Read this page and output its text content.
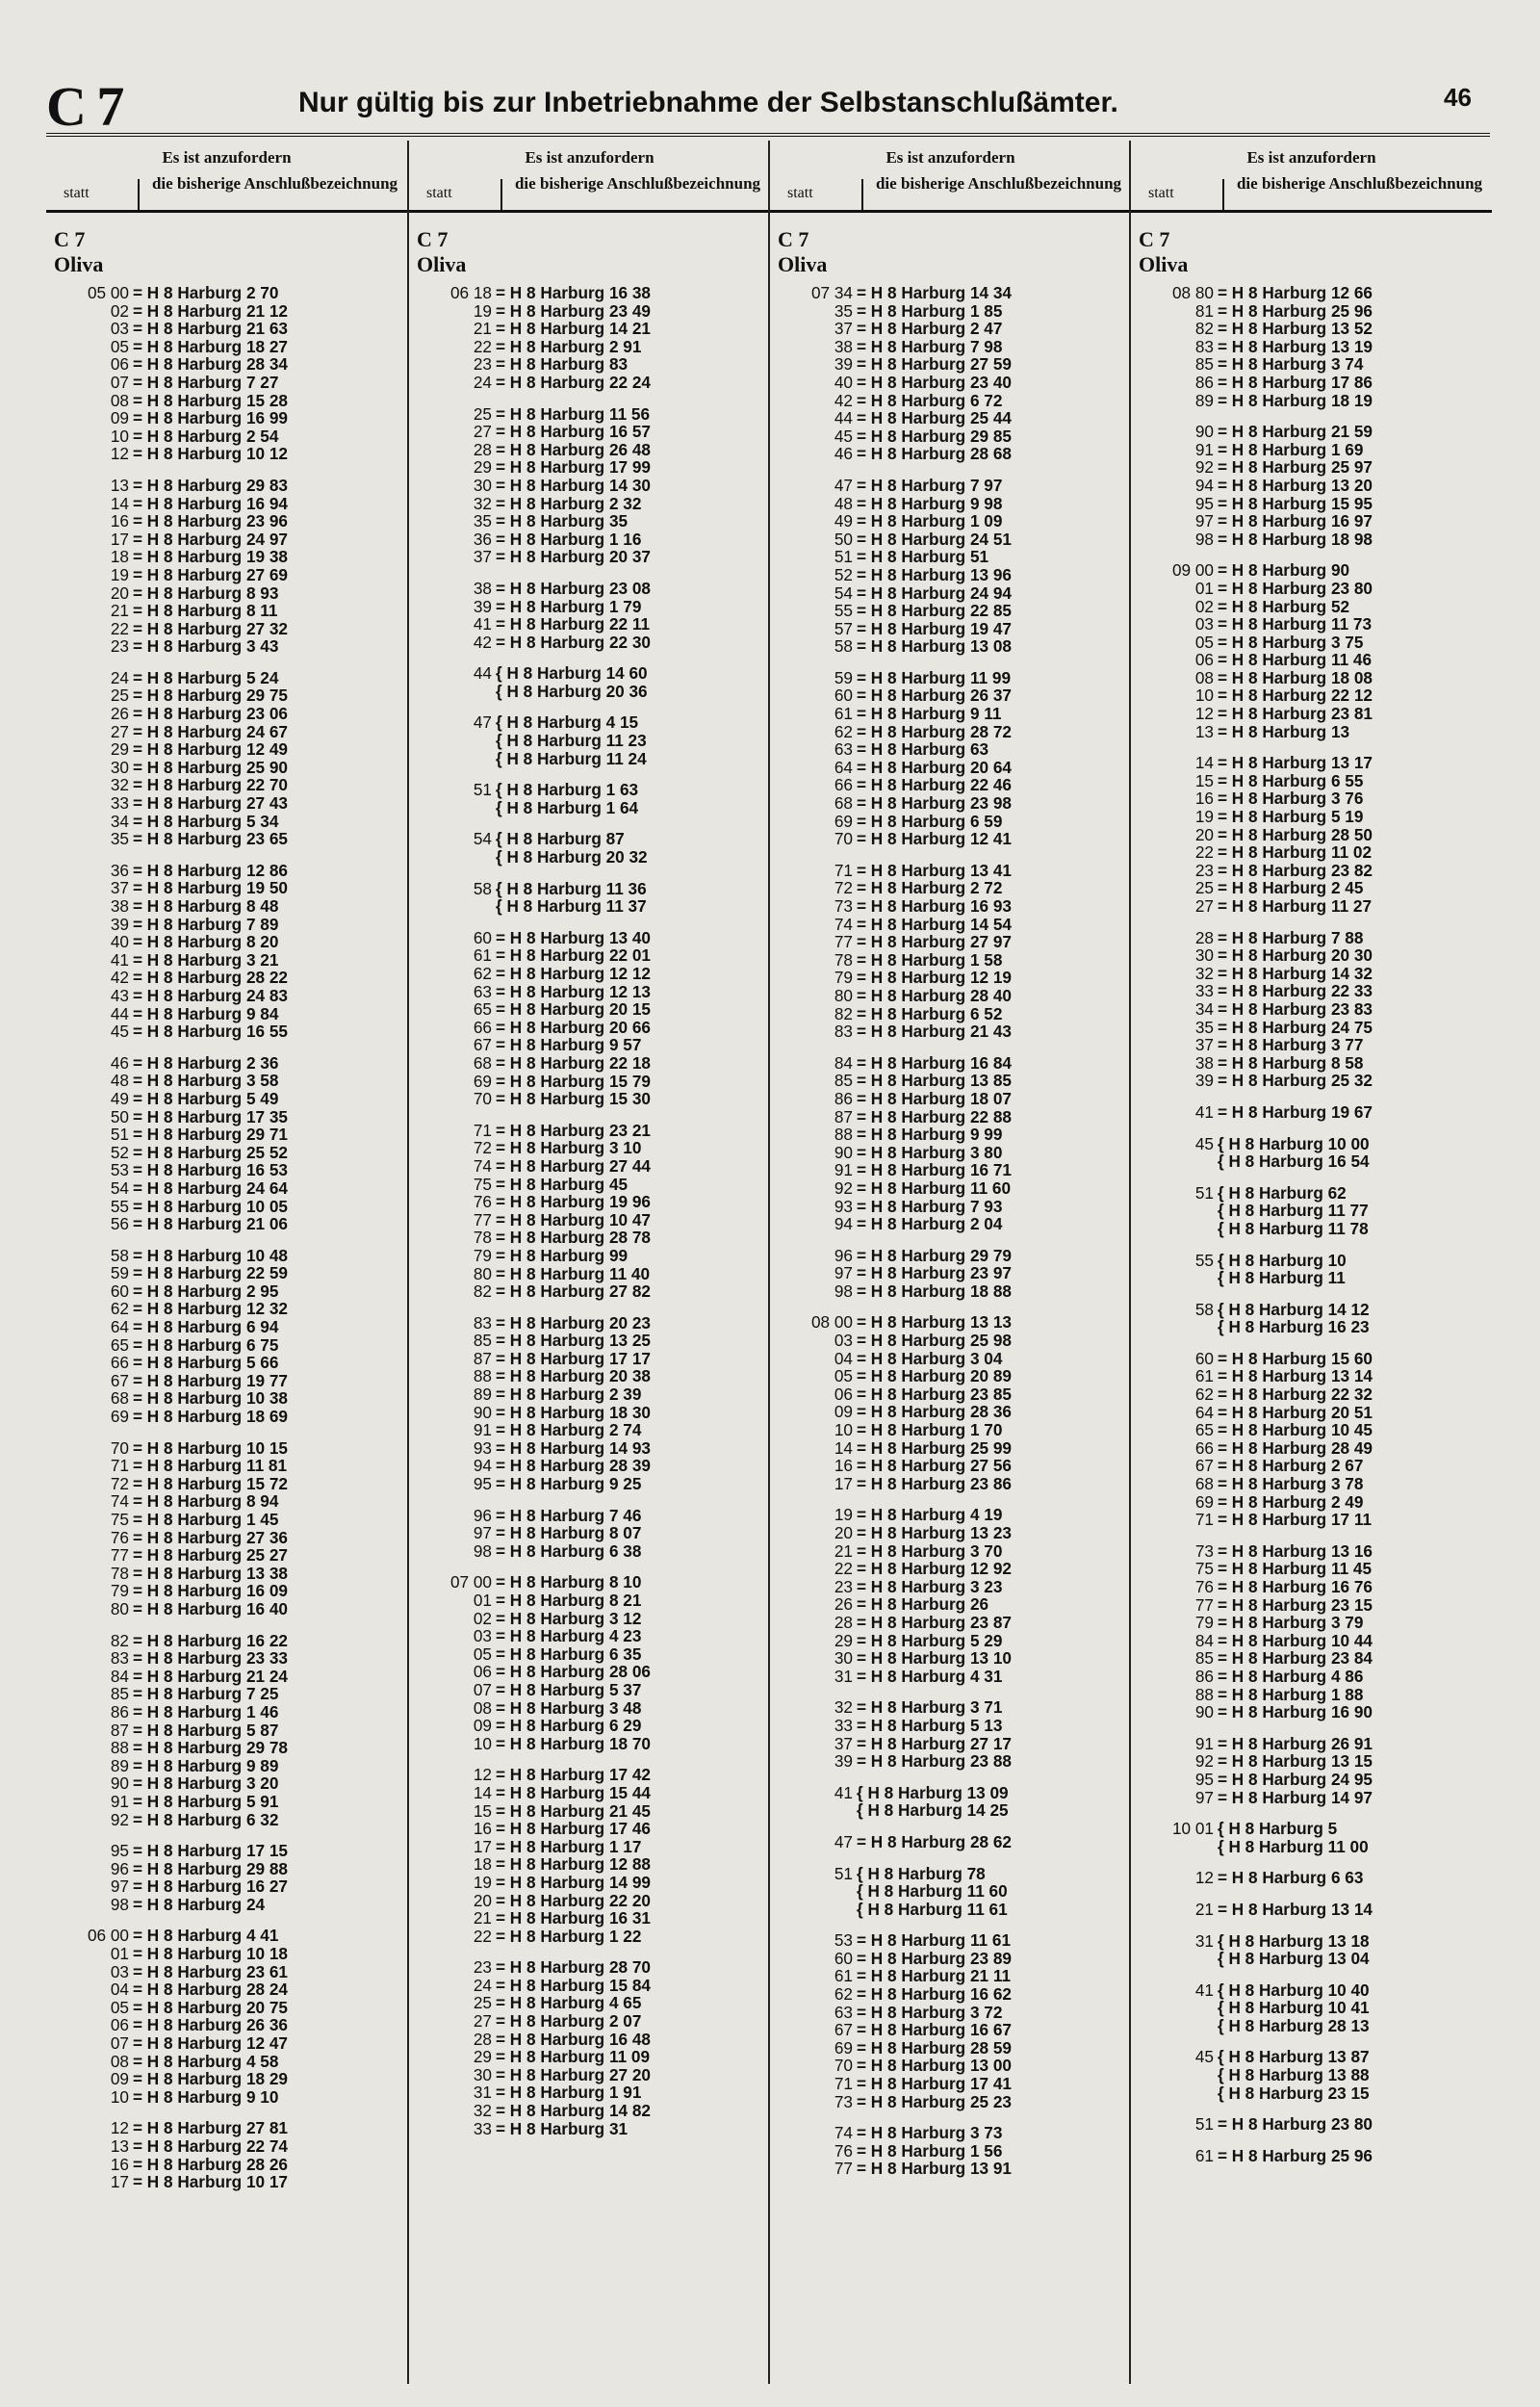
C 7	Nur gültig bis zur Inbetriebnahme der Selbstanschlußämter.	46
Es ist anzufordern
statt
die bisherige Anschlußbezeichnung
C 7
Oliva
05 00 = H 8 Harburg 2 70
02 = H 8 Harburg 21 12
03 = H 8 Harburg 21 63
05 = H 8 Harburg 18 27
06 = H 8 Harburg 28 34
07 = H 8 Harburg 7 27
08 = H 8 Harburg 15 28
09 = H 8 Harburg 16 99
10 = H 8 Harburg 2 54
12 = H 8 Harburg 10 12
13 = H 8 Harburg 29 83
14 = H 8 Harburg 16 94
16 = H 8 Harburg 23 96
17 = H 8 Harburg 24 97
18 = H 8 Harburg 19 38
19 = H 8 Harburg 27 69
20 = H 8 Harburg 8 93
21 = H 8 Harburg 8 11
22 = H 8 Harburg 27 32
23 = H 8 Harburg 3 43
24 = H 8 Harburg 5 24
25 = H 8 Harburg 29 75
26 = H 8 Harburg 23 06
27 = H 8 Harburg 24 67
29 = H 8 Harburg 12 49
30 = H 8 Harburg 25 90
32 = H 8 Harburg 22 70
33 = H 8 Harburg 27 43
34 = H 8 Harburg 5 34
35 = H 8 Harburg 23 65
36 = H 8 Harburg 12 86
37 = H 8 Harburg 19 50
38 = H 8 Harburg 8 48
39 = H 8 Harburg 7 89
40 = H 8 Harburg 8 20
41 = H 8 Harburg 3 21
42 = H 8 Harburg 28 22
43 = H 8 Harburg 24 83
44 = H 8 Harburg 9 84
45 = H 8 Harburg 16 55
46 = H 8 Harburg 2 36
48 = H 8 Harburg 3 58
49 = H 8 Harburg 5 49
50 = H 8 Harburg 17 35
51 = H 8 Harburg 29 71
52 = H 8 Harburg 25 52
53 = H 8 Harburg 16 53
54 = H 8 Harburg 24 64
55 = H 8 Harburg 10 05
56 = H 8 Harburg 21 06
58 = H 8 Harburg 10 48
59 = H 8 Harburg 22 59
60 = H 8 Harburg 2 95
62 = H 8 Harburg 12 32
64 = H 8 Harburg 6 94
65 = H 8 Harburg 6 75
66 = H 8 Harburg 5 66
67 = H 8 Harburg 19 77
68 = H 8 Harburg 10 38
69 = H 8 Harburg 18 69
70 = H 8 Harburg 10 15
71 = H 8 Harburg 11 81
72 = H 8 Harburg 15 72
74 = H 8 Harburg 8 94
75 = H 8 Harburg 1 45
76 = H 8 Harburg 27 36
77 = H 8 Harburg 25 27
78 = H 8 Harburg 13 38
79 = H 8 Harburg 16 09
80 = H 8 Harburg 16 40
82 = H 8 Harburg 16 22
83 = H 8 Harburg 23 33
84 = H 8 Harburg 21 24
85 = H 8 Harburg 7 25
86 = H 8 Harburg 1 46
87 = H 8 Harburg 5 87
88 = H 8 Harburg 29 78
89 = H 8 Harburg 9 89
90 = H 8 Harburg 3 20
91 = H 8 Harburg 5 91
92 = H 8 Harburg 6 32
95 = H 8 Harburg 17 15
96 = H 8 Harburg 29 88
97 = H 8 Harburg 16 27
98 = H 8 Harburg 24
06 00 = H 8 Harburg 4 41
01 = H 8 Harburg 10 18
03 = H 8 Harburg 23 61
04 = H 8 Harburg 28 24
05 = H 8 Harburg 20 75
06 = H 8 Harburg 26 36
07 = H 8 Harburg 12 47
08 = H 8 Harburg 4 58
09 = H 8 Harburg 18 29
10 = H 8 Harburg 9 10
12 = H 8 Harburg 27 81
13 = H 8 Harburg 22 74
16 = H 8 Harburg 28 26
17 = H 8 Harburg 10 17
Es ist anzufordern
statt
die bisherige Anschlußbezeichnung
C 7
Oliva
06 18 = H 8 Harburg 16 38
19 = H 8 Harburg 23 49
21 = H 8 Harburg 14 21
22 = H 8 Harburg 2 91
23 = H 8 Harburg 83
24 = H 8 Harburg 22 24
25 = H 8 Harburg 11 56
27 = H 8 Harburg 16 57
28 = H 8 Harburg 26 48
29 = H 8 Harburg 17 99
30 = H 8 Harburg 14 30
32 = H 8 Harburg 2 32
35 = H 8 Harburg 35
36 = H 8 Harburg 1 16
37 = H 8 Harburg 20 37
38 = H 8 Harburg 23 08
39 = H 8 Harburg 1 79
41 = H 8 Harburg 22 11
42 = H 8 Harburg 22 30
44 { H 8 Harburg 14 60
{ H 8 Harburg 20 36
47 { H 8 Harburg 4 15
{ H 8 Harburg 11 23
{ H 8 Harburg 11 24
51 { H 8 Harburg 1 63
{ H 8 Harburg 1 64
54 { H 8 Harburg 87
{ H 8 Harburg 20 32
58 { H 8 Harburg 11 36
{ H 8 Harburg 11 37
60 = H 8 Harburg 13 40
61 = H 8 Harburg 22 01
62 = H 8 Harburg 12 12
63 = H 8 Harburg 12 13
65 = H 8 Harburg 20 15
66 = H 8 Harburg 20 66
67 = H 8 Harburg 9 57
68 = H 8 Harburg 22 18
69 = H 8 Harburg 15 79
70 = H 8 Harburg 15 30
71 = H 8 Harburg 23 21
72 = H 8 Harburg 3 10
74 = H 8 Harburg 27 44
75 = H 8 Harburg 45
76 = H 8 Harburg 19 96
77 = H 8 Harburg 10 47
78 = H 8 Harburg 28 78
79 = H 8 Harburg 99
80 = H 8 Harburg 11 40
82 = H 8 Harburg 27 82
83 = H 8 Harburg 20 23
85 = H 8 Harburg 13 25
87 = H 8 Harburg 17 17
88 = H 8 Harburg 20 38
89 = H 8 Harburg 2 39
90 = H 8 Harburg 18 30
91 = H 8 Harburg 2 74
93 = H 8 Harburg 14 93
94 = H 8 Harburg 28 39
95 = H 8 Harburg 9 25
96 = H 8 Harburg 7 46
97 = H 8 Harburg 8 07
98 = H 8 Harburg 6 38
07 00 = H 8 Harburg 8 10
01 = H 8 Harburg 8 21
02 = H 8 Harburg 3 12
03 = H 8 Harburg 4 23
05 = H 8 Harburg 6 35
06 = H 8 Harburg 28 06
07 = H 8 Harburg 5 37
08 = H 8 Harburg 3 48
09 = H 8 Harburg 6 29
10 = H 8 Harburg 18 70
12 = H 8 Harburg 17 42
14 = H 8 Harburg 15 44
15 = H 8 Harburg 21 45
16 = H 8 Harburg 17 46
17 = H 8 Harburg 1 17
18 = H 8 Harburg 12 88
19 = H 8 Harburg 14 99
20 = H 8 Harburg 22 20
21 = H 8 Harburg 16 31
22 = H 8 Harburg 1 22
23 = H 8 Harburg 28 70
24 = H 8 Harburg 15 84
25 = H 8 Harburg 4 65
27 = H 8 Harburg 2 07
28 = H 8 Harburg 16 48
29 = H 8 Harburg 11 09
30 = H 8 Harburg 27 20
31 = H 8 Harburg 1 91
32 = H 8 Harburg 14 82
33 = H 8 Harburg 31
Es ist anzufordern
statt
die bisherige Anschlußbezeichnung
C 7
Oliva
07 34 = H 8 Harburg 14 34
35 = H 8 Harburg 1 85
37 = H 8 Harburg 2 47
38 = H 8 Harburg 7 98
39 = H 8 Harburg 27 59
40 = H 8 Harburg 23 40
42 = H 8 Harburg 6 72
44 = H 8 Harburg 25 44
45 = H 8 Harburg 29 85
46 = H 8 Harburg 28 68
47 = H 8 Harburg 7 97
48 = H 8 Harburg 9 98
49 = H 8 Harburg 1 09
50 = H 8 Harburg 24 51
51 = H 8 Harburg 51
52 = H 8 Harburg 13 96
54 = H 8 Harburg 24 94
55 = H 8 Harburg 22 85
57 = H 8 Harburg 19 47
58 = H 8 Harburg 13 08
59 = H 8 Harburg 11 99
60 = H 8 Harburg 26 37
61 = H 8 Harburg 9 11
62 = H 8 Harburg 28 72
63 = H 8 Harburg 63
64 = H 8 Harburg 20 64
66 = H 8 Harburg 22 46
68 = H 8 Harburg 23 98
69 = H 8 Harburg 6 59
70 = H 8 Harburg 12 41
71 = H 8 Harburg 13 41
72 = H 8 Harburg 2 72
73 = H 8 Harburg 16 93
74 = H 8 Harburg 14 54
77 = H 8 Harburg 27 97
78 = H 8 Harburg 1 58
79 = H 8 Harburg 12 19
80 = H 8 Harburg 28 40
82 = H 8 Harburg 6 52
83 = H 8 Harburg 21 43
84 = H 8 Harburg 16 84
85 = H 8 Harburg 13 85
86 = H 8 Harburg 18 07
87 = H 8 Harburg 22 88
88 = H 8 Harburg 9 99
90 = H 8 Harburg 3 80
91 = H 8 Harburg 16 71
92 = H 8 Harburg 11 60
93 = H 8 Harburg 7 93
94 = H 8 Harburg 2 04
96 = H 8 Harburg 29 79
97 = H 8 Harburg 23 97
98 = H 8 Harburg 18 88
08 00 = H 8 Harburg 13 13
03 = H 8 Harburg 25 98
04 = H 8 Harburg 3 04
05 = H 8 Harburg 20 89
06 = H 8 Harburg 23 85
09 = H 8 Harburg 28 36
10 = H 8 Harburg 1 70
14 = H 8 Harburg 25 99
16 = H 8 Harburg 27 56
17 = H 8 Harburg 23 86
19 = H 8 Harburg 4 19
20 = H 8 Harburg 13 23
21 = H 8 Harburg 3 70
22 = H 8 Harburg 12 92
23 = H 8 Harburg 3 23
26 = H 8 Harburg 26
28 = H 8 Harburg 23 87
29 = H 8 Harburg 5 29
30 = H 8 Harburg 13 10
31 = H 8 Harburg 4 31
32 = H 8 Harburg 3 71
33 = H 8 Harburg 5 13
37 = H 8 Harburg 27 17
39 = H 8 Harburg 23 88
41 { H 8 Harburg 13 09
{ H 8 Harburg 14 25
47 = H 8 Harburg 28 62
51 { H 8 Harburg 78
{ H 8 Harburg 11 60
{ H 8 Harburg 11 61
53 = H 8 Harburg 11 61
60 = H 8 Harburg 23 89
61 = H 8 Harburg 21 11
62 = H 8 Harburg 16 62
63 = H 8 Harburg 3 72
67 = H 8 Harburg 16 67
69 = H 8 Harburg 28 59
70 = H 8 Harburg 13 00
71 = H 8 Harburg 17 41
73 = H 8 Harburg 25 23
74 = H 8 Harburg 3 73
76 = H 8 Harburg 1 56
77 = H 8 Harburg 13 91
Es ist anzufordern
statt
die bisherige Anschlußbezeichnung
C 7
Oliva
08 80 = H 8 Harburg 12 66
81 = H 8 Harburg 25 96
82 = H 8 Harburg 13 52
83 = H 8 Harburg 13 19
85 = H 8 Harburg 3 74
86 = H 8 Harburg 17 86
89 = H 8 Harburg 18 19
90 = H 8 Harburg 21 59
91 = H 8 Harburg 1 69
92 = H 8 Harburg 25 97
94 = H 8 Harburg 13 20
95 = H 8 Harburg 15 95
97 = H 8 Harburg 16 97
98 = H 8 Harburg 18 98
09 00 = H 8 Harburg 90
01 = H 8 Harburg 23 80
02 = H 8 Harburg 52
03 = H 8 Harburg 11 73
05 = H 8 Harburg 3 75
06 = H 8 Harburg 11 46
08 = H 8 Harburg 18 08
10 = H 8 Harburg 22 12
12 = H 8 Harburg 23 81
13 = H 8 Harburg 13
14 = H 8 Harburg 13 17
15 = H 8 Harburg 6 55
16 = H 8 Harburg 3 76
19 = H 8 Harburg 5 19
20 = H 8 Harburg 28 50
22 = H 8 Harburg 11 02
23 = H 8 Harburg 23 82
25 = H 8 Harburg 2 45
27 = H 8 Harburg 11 27
28 = H 8 Harburg 7 88
30 = H 8 Harburg 20 30
32 = H 8 Harburg 14 32
33 = H 8 Harburg 22 33
34 = H 8 Harburg 23 83
35 = H 8 Harburg 24 75
37 = H 8 Harburg 3 77
38 = H 8 Harburg 8 58
39 = H 8 Harburg 25 32
41 = H 8 Harburg 19 67
45 { H 8 Harburg 10 00
{ H 8 Harburg 16 54
51 { H 8 Harburg 62
{ H 8 Harburg 11 77
{ H 8 Harburg 11 78
55 { H 8 Harburg 10
{ H 8 Harburg 11
58 { H 8 Harburg 14 12
{ H 8 Harburg 16 23
60 = H 8 Harburg 15 60
61 = H 8 Harburg 13 14
62 = H 8 Harburg 22 32
64 = H 8 Harburg 20 51
65 = H 8 Harburg 10 45
66 = H 8 Harburg 28 49
67 = H 8 Harburg 2 67
68 = H 8 Harburg 3 78
69 = H 8 Harburg 2 49
71 = H 8 Harburg 17 11
73 = H 8 Harburg 13 16
75 = H 8 Harburg 11 45
76 = H 8 Harburg 16 76
77 = H 8 Harburg 23 15
79 = H 8 Harburg 3 79
84 = H 8 Harburg 10 44
85 = H 8 Harburg 23 84
86 = H 8 Harburg 4 86
88 = H 8 Harburg 1 88
90 = H 8 Harburg 16 90
91 = H 8 Harburg 26 91
92 = H 8 Harburg 13 15
95 = H 8 Harburg 24 95
97 = H 8 Harburg 14 97
10 01 { H 8 Harburg 5
{ H 8 Harburg 11 00
12 = H 8 Harburg 6 63
21 = H 8 Harburg 13 14
31 { H 8 Harburg 13 18
{ H 8 Harburg 13 04
41 { H 8 Harburg 10 40
{ H 8 Harburg 10 41
{ H 8 Harburg 28 13
45 { H 8 Harburg 13 87
{ H 8 Harburg 13 88
{ H 8 Harburg 23 15
51 = H 8 Harburg 23 80
61 = H 8 Harburg 25 96
